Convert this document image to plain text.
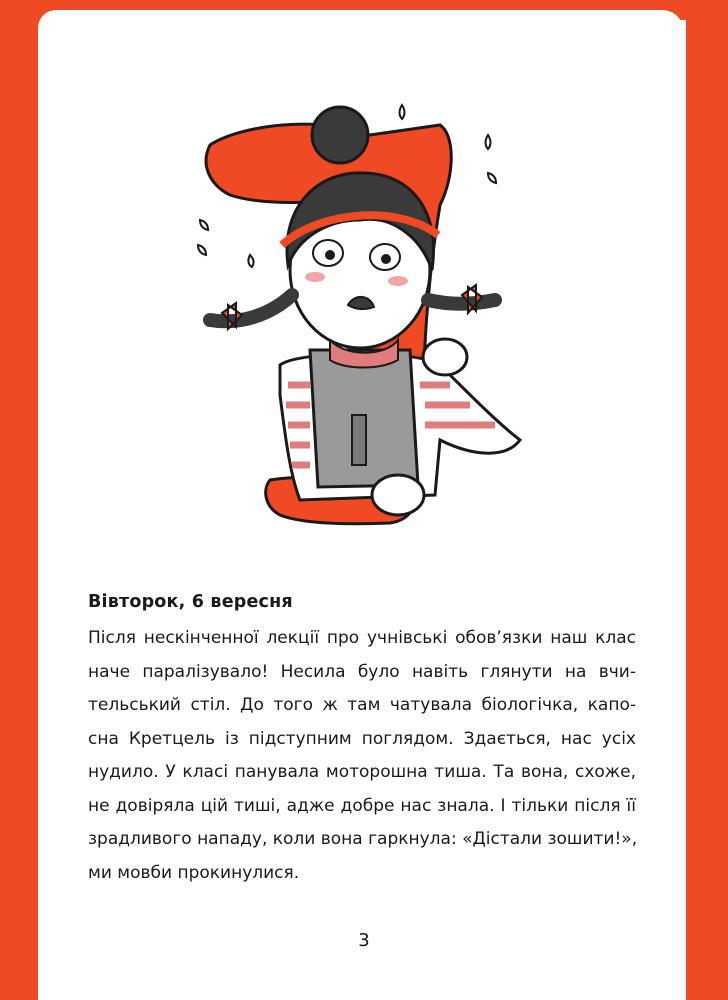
Вівторок, 6 вересня

Після нескінченної лекції про учнівські обов’язки наш клас
наче паралізувало! Несила було навіть глянути на вчи-
тельський стіл. До того ж там чатувала біологічка, капо-
сна Кретцель із підступним поглядом. Здається, нас усіх
нудило. У класі панувала моторошна тиша. Та вона, схоже,
не довіряла цій тиші, адже добре нас знала. І тільки після її
зрадливого нападу, коли вона гаркнула: «Дістали зошити!»,
ми мовби прокинулися.

3
